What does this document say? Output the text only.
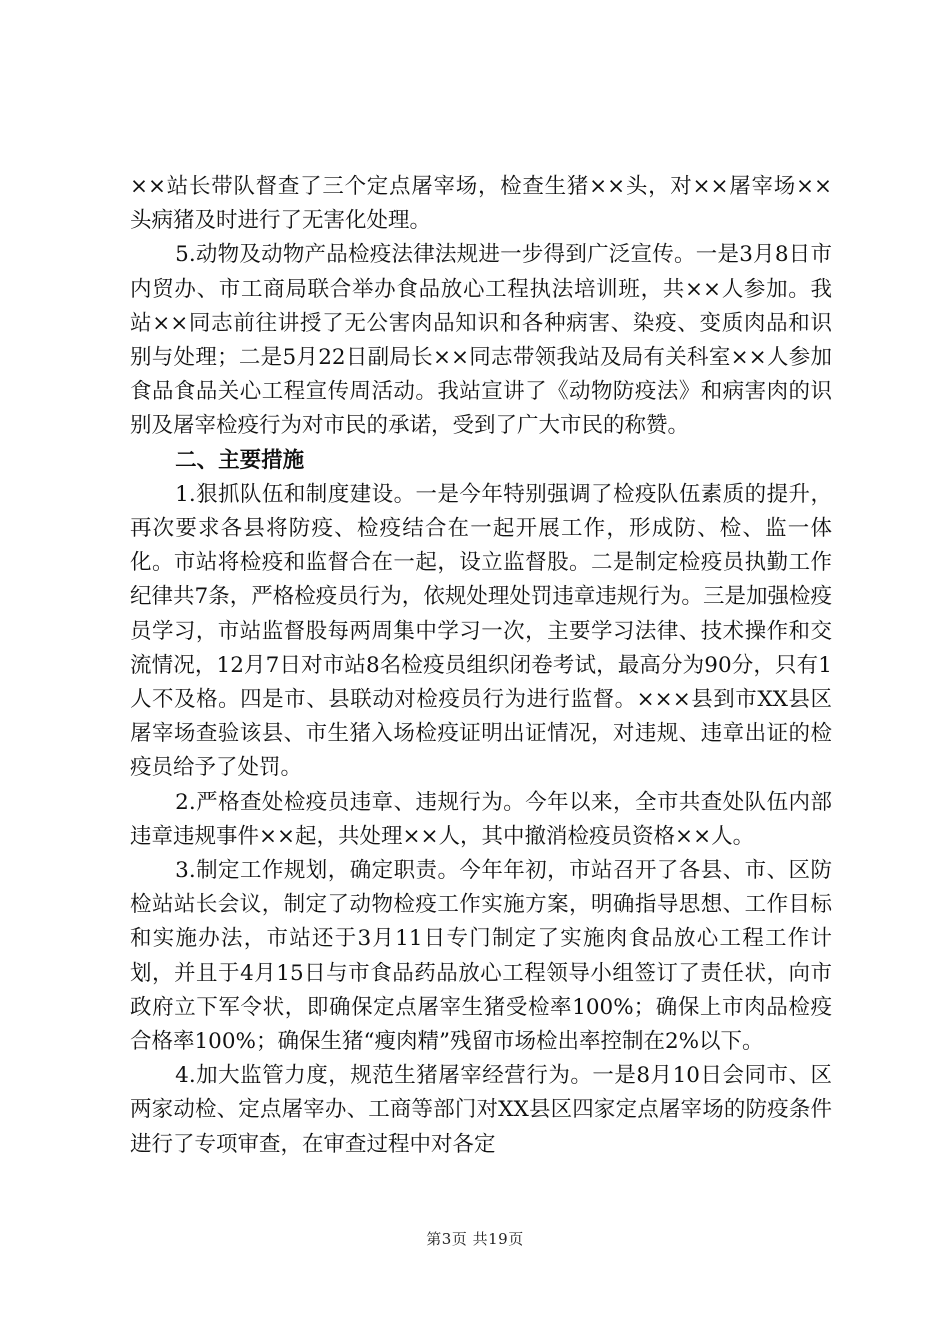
××站长带队督查了三个定点屠宰场，检查生猪××头，对××屠宰场××头病猪及时进行了无害化处理。

5.动物及动物产品检疫法律法规进一步得到广泛宣传。一是3月8日市内贸办、市工商局联合举办食品放心工程执法培训班，共××人参加。我站××同志前往讲授了无公害肉品知识和各种病害、染疫、变质肉品和识别与处理；二是5月22日副局长××同志带领我站及局有关科室××人参加食品食品关心工程宣传周活动。我站宣讲了《动物防疫法》和病害肉的识别及屠宰检疫行为对市民的承诺，受到了广大市民的称赞。

二、主要措施

1.狠抓队伍和制度建设。一是今年特别强调了检疫队伍素质的提升，再次要求各县将防疫、检疫结合在一起开展工作，形成防、检、监一体化。市站将检疫和监督合在一起，设立监督股。二是制定检疫员执勤工作纪律共7条，严格检疫员行为，依规处理处罚违章违规行为。三是加强检疫员学习，市站监督股每两周集中学习一次，主要学习法律、技术操作和交流情况，12月7日对市站8名检疫员组织闭卷考试，最高分为90分，只有1人不及格。四是市、县联动对检疫员行为进行监督。×××县到市XX县区屠宰场查验该县、市生猪入场检疫证明出证情况，对违规、违章出证的检疫员给予了处罚。

2.严格查处检疫员违章、违规行为。今年以来，全市共查处队伍内部违章违规事件××起，共处理××人，其中撤消检疫员资格××人。

3.制定工作规划，确定职责。今年年初，市站召开了各县、市、区防检站站长会议，制定了动物检疫工作实施方案，明确指导思想、工作目标和实施办法，市站还于3月11日专门制定了实施肉食品放心工程工作计划，并且于4月15日与市食品药品放心工程领导小组签订了责任状，向市政府立下军令状，即确保定点屠宰生猪受检率100%；确保上市肉品检疫合格率100%；确保生猪“瘦肉精”残留市场检出率控制在2%以下。

4.加大监管力度，规范生猪屠宰经营行为。一是8月10日会同市、区两家动检、定点屠宰办、工商等部门对XX县区四家定点屠宰场的防疫条件进行了专项审查，在审查过程中对各定

第3页 共19页
